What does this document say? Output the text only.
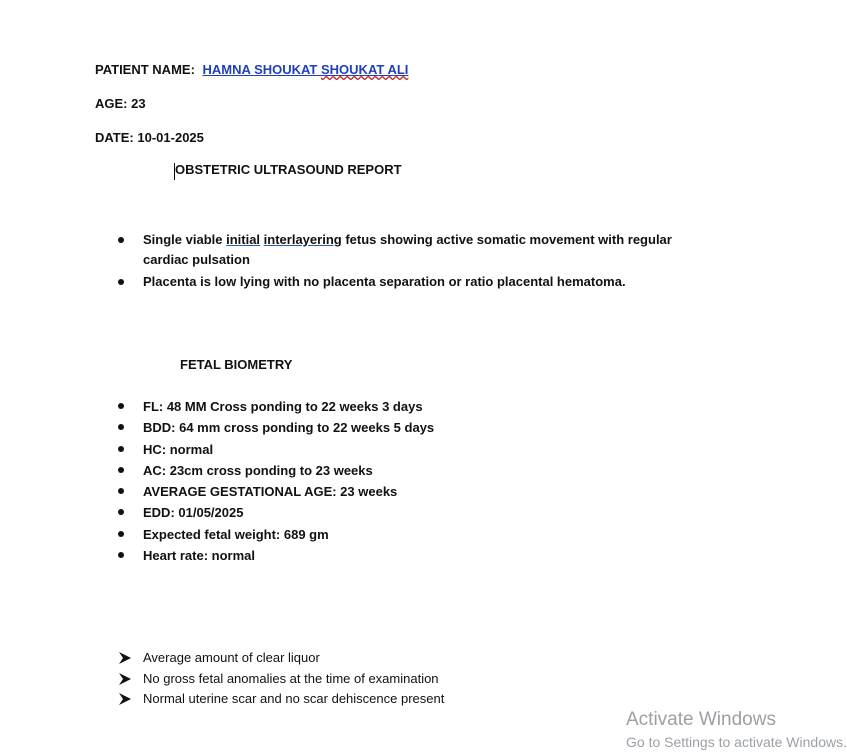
PATIENT NAME: HAMNA SHOUKAT SHOUKAT ALI
AGE: 23
DATE: 10-01-2025
OBSTETRIC ULTRASOUND REPORT
Single viable initial interlayering fetus showing active somatic movement with regular cardiac pulsation
Placenta is low lying with no placenta separation or ratio placental hematoma.
FETAL BIOMETRY
FL: 48 MM Cross ponding to 22 weeks 3 days
BDD: 64 mm cross ponding to 22 weeks 5 days
HC: normal
AC: 23cm cross ponding to 23 weeks
AVERAGE GESTATIONAL AGE: 23 weeks
EDD: 01/05/2025
Expected fetal weight: 689 gm
Heart rate: normal
Average amount of clear liquor
No gross fetal anomalies at the time of examination
Normal uterine scar and no scar dehiscence present
Activate Windows
Go to Settings to activate Windows.
